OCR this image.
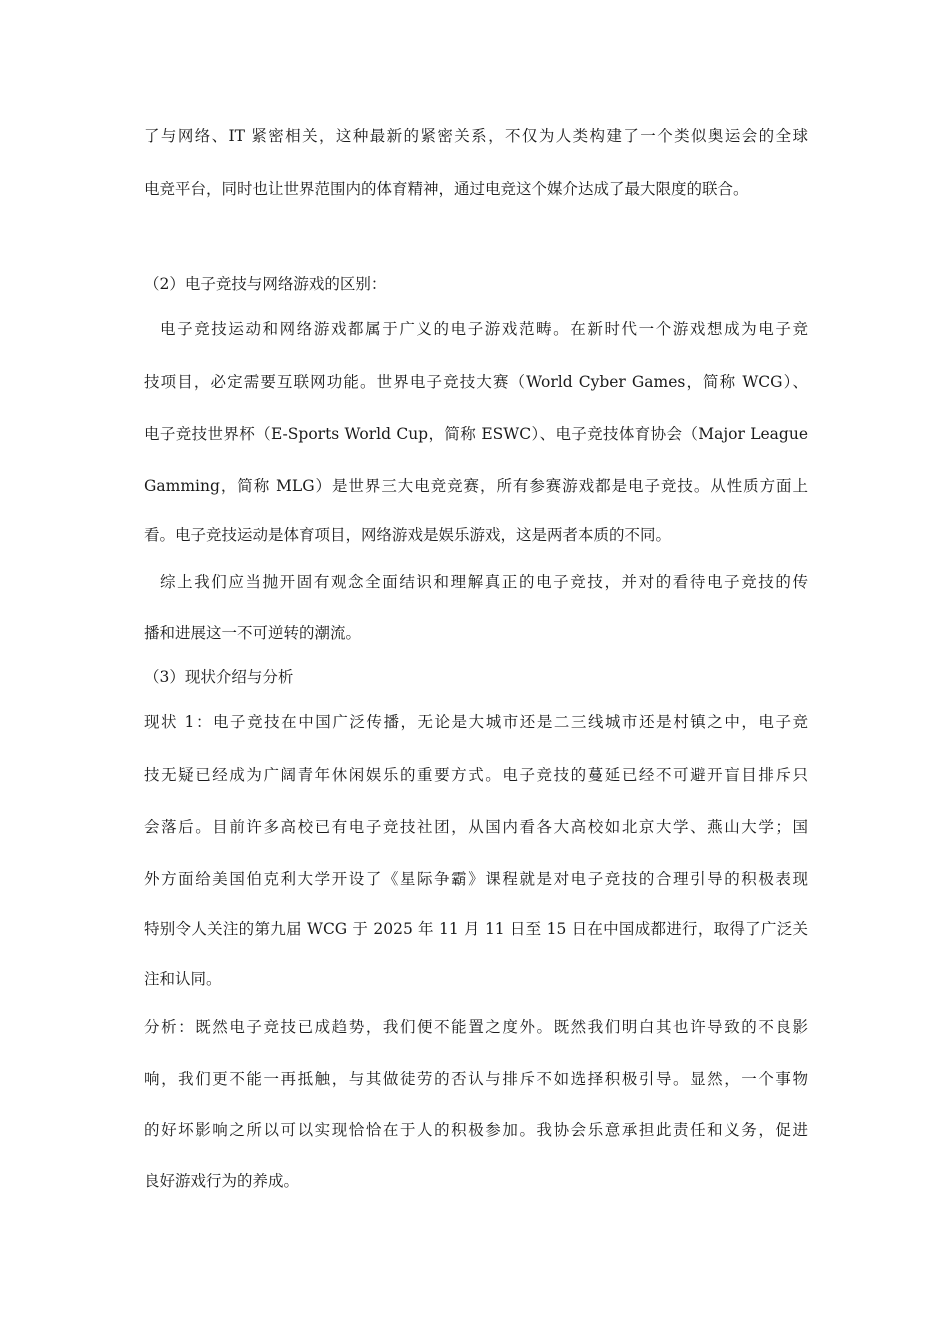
了与网络、IT 紧密相关，这种最新的紧密关系，不仅为人类构建了一个类似奥运会的全球
电竞平台，同时也让世界范围内的体育精神，通过电竞这个媒介达成了最大限度的联合。
（2）电子竞技与网络游戏的区别：
电子竞技运动和网络游戏都属于广义的电子游戏范畴。在新时代一个游戏想成为电子竞
技项目，必定需要互联网功能。世界电子竞技大赛（World Cyber Games，简称 WCG）、
电子竞技世界杯（E-Sports World Cup，简称 ESWC）、电子竞技体育协会（Major League
Gamming，简称 MLG）是世界三大电竞竞赛，所有参赛游戏都是电子竞技。从性质方面上
看。电子竞技运动是体育项目，网络游戏是娱乐游戏，这是两者本质的不同。
综上我们应当抛开固有观念全面结识和理解真正的电子竞技，并对的看待电子竞技的传
播和进展这一不可逆转的潮流。
（3）现状介绍与分析
现状 1：电子竞技在中国广泛传播，无论是大城市还是二三线城市还是村镇之中，电子竞
技无疑已经成为广阔青年休闲娱乐的重要方式。电子竞技的蔓延已经不可避开盲目排斥只
会落后。目前许多高校已有电子竞技社团，从国内看各大高校如北京大学、燕山大学；国
外方面给美国伯克利大学开设了《星际争霸》课程就是对电子竞技的合理引导的积极表现
特别令人关注的第九届 WCG 于 2025 年 11 月 11 日至 15 日在中国成都进行，取得了广泛关
注和认同。
分析：既然电子竞技已成趋势，我们便不能置之度外。既然我们明白其也许导致的不良影
响，我们更不能一再抵触，与其做徒劳的否认与排斥不如选择积极引导。显然，一个事物
的好坏影响之所以可以实现恰恰在于人的积极参加。我协会乐意承担此责任和义务，促进
良好游戏行为的养成。
